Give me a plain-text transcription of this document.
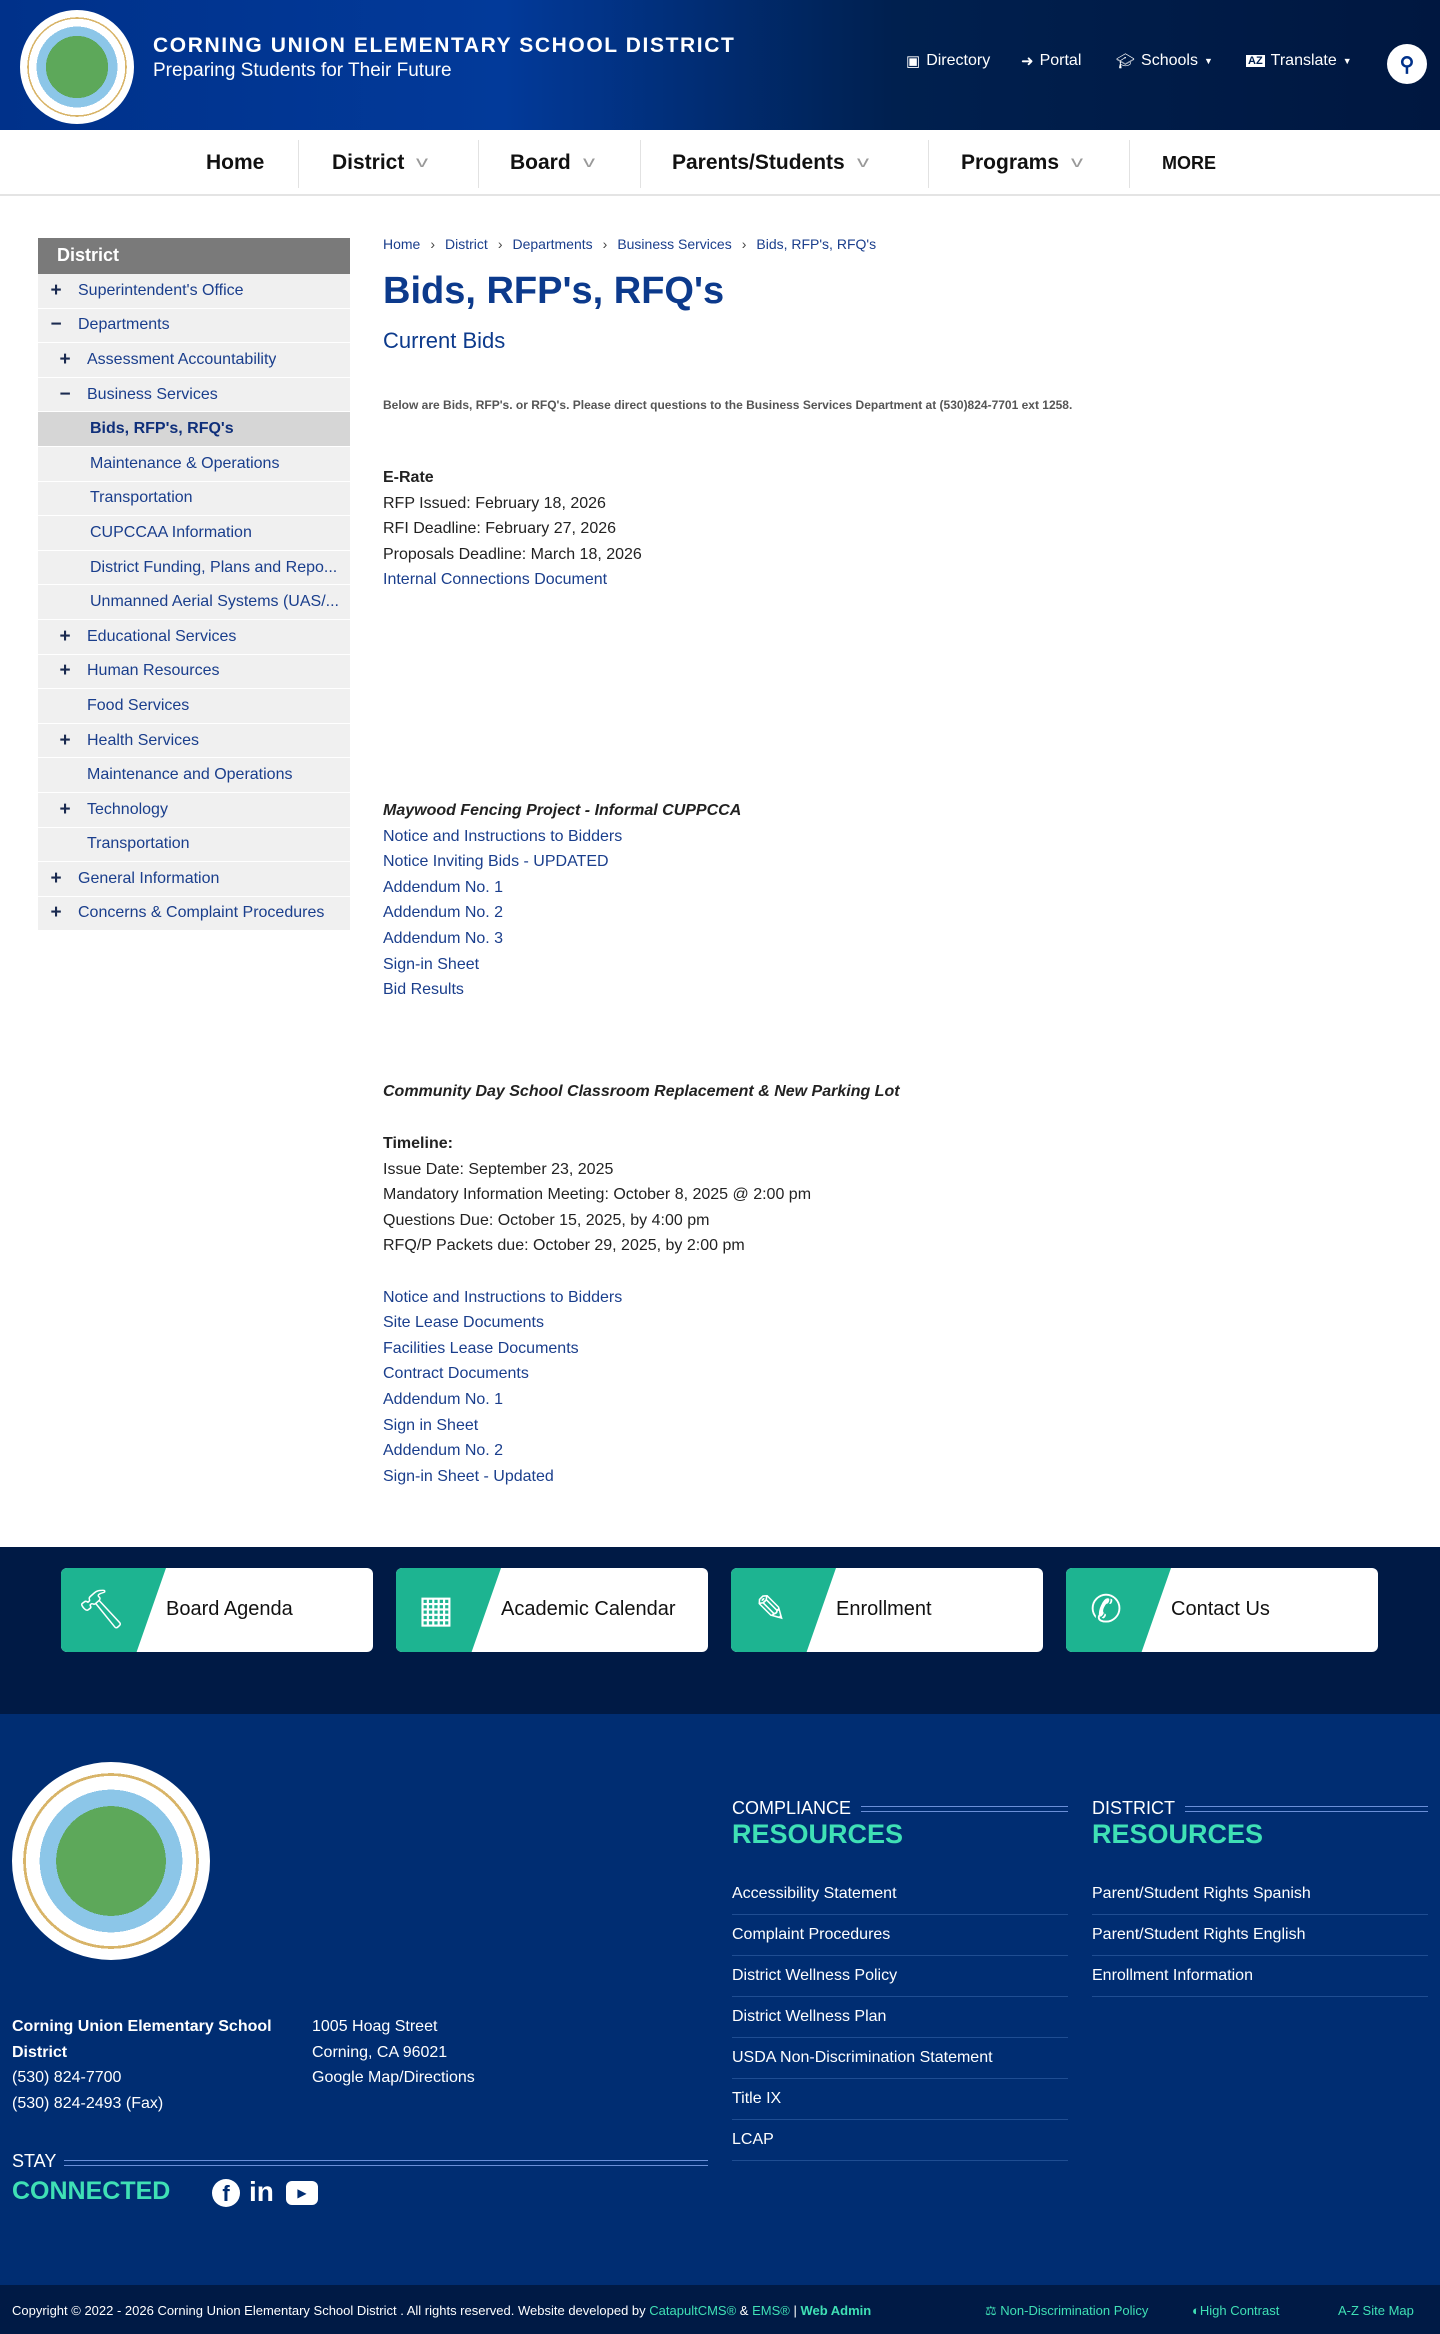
CORNING UNION ELEMENTARY SCHOOL DISTRICT
Preparing Students for Their Future	▣ Directory ➜ Portal 🎓︎ Schools ▼	AZ Translate ▼ ⚲
Home	District v	Board v	Parents/Students v	Programs v	MORE
District
+ Superintendent's Office
− Departments
+ Assessment Accountability
− Business Services
Bids, RFP's, RFQ's
Maintenance & Operations
Transportation
CUPCCAA Information
District Funding, Plans and Repo...
Unmanned Aerial Systems (UAS/...
+ Educational Services
+ Human Resources
Food Services
+ Health Services
Maintenance and Operations
+ Technology
Transportation
+ General Information
+ Concerns & Complaint Procedures
Home › District › Departments › Business Services › Bids, RFP's, RFQ's
Bids, RFP's, RFQ's
Current Bids
Below are Bids, RFP's. or RFQ's. Please direct questions to the Business Services Department at (530)824-7701 ext 1258.
E-Rate
RFP Issued: February 18, 2026
RFI Deadline: February 27, 2026
Proposals Deadline: March 18, 2026
Internal Connections Document
Maywood Fencing Project - Informal CUPPCCA
Notice and Instructions to Bidders
Notice Inviting Bids - UPDATED
Addendum No. 1
Addendum No. 2
Addendum No. 3
Sign-in Sheet
Bid Results
Community Day School Classroom Replacement & New Parking Lot
Timeline:
Issue Date: September 23, 2025
Mandatory Information Meeting: October 8, 2025 @ 2:00 pm
Questions Due: October 15, 2025, by 4:00 pm
RFQ/P Packets due: October 29, 2025, by 2:00 pm
Notice and Instructions to Bidders
Site Lease Documents
Facilities Lease Documents
Contract Documents
Addendum No. 1
Sign in Sheet
Addendum No. 2
Sign-in Sheet - Updated
🔨︎ Board Agenda	▦	Academic Calendar ✎	Enrollment	✆	Contact Us
Corning Union Elementary School District
(530) 824-7700
(530) 824-2493 (Fax)
1005 Hoag Street
Corning, CA 96021
Google Map/Directions
STAY
CONNECTED	f in	▶
COMPLIANCE
RESOURCES
Accessibility Statement
Complaint Procedures
District Wellness Policy
District Wellness Plan
USDA Non-Discrimination Statement
Title IX
LCAP
DISTRICT
RESOURCES
Parent/Student Rights Spanish
Parent/Student Rights English
Enrollment Information
Copyright © 2022 - 2026 Corning Union Elementary School District . All rights reserved. Website developed by CatapultCMS® & EMS® | Web Admin	⚖ Non-Discrimination Policy	◐High Contrast	A-Z Site Map
